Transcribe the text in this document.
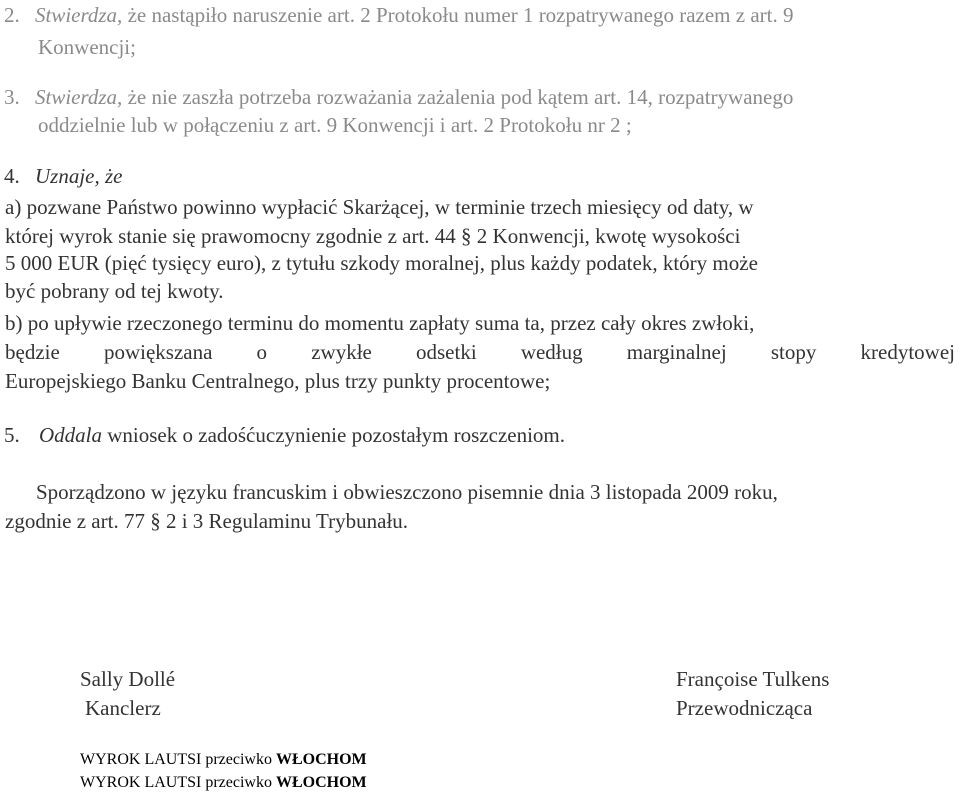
2. Stwierdza, że nastąpiło naruszenie art. 2 Protokołu numer 1 rozpatrywanego razem z art. 9
Konwencji;
3. Stwierdza, że nie zaszła potrzeba rozważania zażalenia pod kątem art. 14, rozpatrywanego
oddzielnie lub w połączeniu z art. 9 Konwencji i art. 2 Protokołu nr 2 ;
4. Uznaje, że
a) pozwane Państwo powinno wypłacić Skarżącej, w terminie trzech miesięcy od daty, w
której wyrok stanie się prawomocny zgodnie z art. 44 § 2 Konwencji, kwotę wysokości
5 000 EUR (pięć tysięcy euro), z tytułu szkody moralnej, plus każdy podatek, który może
być pobrany od tej kwoty.
b) po upływie rzeczonego terminu do momentu zapłaty suma ta, przez cały okres zwłoki,
będzie powiększana o zwykłe odsetki według marginalnej stopy kredytowej
Europejskiego Banku Centralnego, plus trzy punkty procentowe;
5. Oddala wniosek o zadośćuczynienie pozostałym roszczeniom.
Sporządzono w języku francuskim i obwieszczono pisemnie dnia 3 listopada 2009 roku,
zgodnie z art. 77 § 2 i 3 Regulaminu Trybunału.
Sally Dollé
Kanclerz
Françoise Tulkens
Przewodnicząca
WYROK LAUTSI przeciwko WŁOCHOM
WYROK LAUTSI przeciwko WŁOCHOM
